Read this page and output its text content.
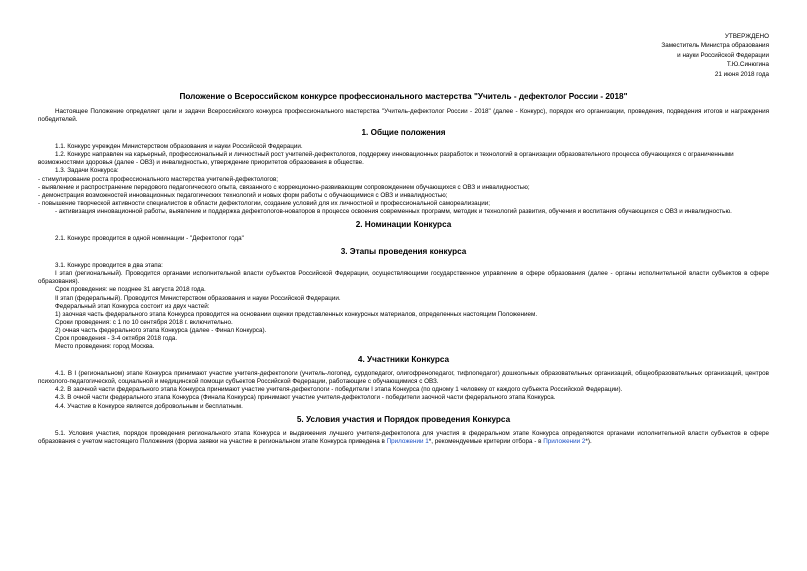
УТВЕРЖДЕНО
Заместитель Министра образования
и науки Российской Федерации
Т.Ю.Синюгина
21 июня 2018 года
Положение о Всероссийском конкурсе профессионального мастерства "Учитель - дефектолог России - 2018"

Настоящее Положение определяет цели и задачи Всероссийского конкурса профессионального мастерства "Учитель-дефектолог России - 2018" (далее - Конкурс), порядок его организации, проведения, подведения итогов и награждения победителей.

1. Общие положения

1.1. Конкурс учрежден Министерством образования и науки Российской Федерации.

1.2. Конкурс направлен на карьерный, профессиональный и личностный рост учителей-дефектологов, поддержку инновационных разработок и технологий в организации образовательного процесса обучающихся с ограниченными возможностями здоровья (далее - ОВЗ) и инвалидностью, утверждение приоритетов образования в обществе.

1.3. Задачи Конкурса:

- стимулирование роста профессионального мастерства учителей-дефектологов;

- выявление и распространение передового педагогического опыта, связанного с коррекционно-развивающим сопровождением обучающихся с ОВЗ и инвалидностью;

- демонстрация возможностей инновационных педагогических технологий и новых форм работы с обучающимися с ОВЗ и инвалидностью;

- повышение творческой активности специалистов в области дефектологии, создание условий для их личностной и профессиональной самореализации;

- активизация инновационной работы, выявление и поддержка дефектологов-новаторов в процессе освоения современных программ, методик и технологий развития, обучения и воспитания обучающихся с ОВЗ и инвалидностью.

2. Номинации Конкурса

2.1. Конкурс проводится в одной номинации - "Дефектолог года"

3. Этапы проведения конкурса

3.1. Конкурс проводится в два этапа:

I этап (региональный). Проводится органами исполнительной власти субъектов Российской Федерации, осуществляющими государственное управление в сфере образования (далее - органы исполнительной власти субъектов в сфере образования).

Срок проведения: не позднее 31 августа 2018 года.

II этап (федеральный). Проводится Министерством образования и науки Российской Федерации.

Федеральный этап Конкурса состоит из двух частей:

1) заочная часть федерального этапа Конкурса проводится на основании оценки представленных конкурсных материалов, определенных настоящим Положением.

Сроки проведения: с 1 по 10 сентября 2018 г. включительно.

2) очная часть федерального этапа Конкурса (далее - Финал Конкурса).

Срок проведения - 3-4 октября 2018 года.

Место проведения: город Москва.

4. Участники Конкурса

4.1. В I (региональном) этапе Конкурса принимают участие учителя-дефектологи (учитель-логопед, сурдопедагог, олигофренопедагог, тифлопедагог) дошкольных образовательных организаций, общеобразовательных организаций, центров психолого-педагогической, социальной и медицинской помощи субъектов Российской Федерации, работающие с обучающимися с ОВЗ.

4.2. В заочной части федерального этапа Конкурса принимают участие учителя-дефектологи - победители I этапа Конкурса (по одному 1 человеку от каждого субъекта Российской Федерации).

4.3. В очной части федерального этапа Конкурса (Финала Конкурса) принимают участие учителя-дефектологи - победители заочной части федерального этапа Конкурса.

4.4. Участие в Конкурсе является добровольным и бесплатным.

5. Условия участия и Порядок проведения Конкурса

5.1. Условия участия, порядок проведения регионального этапа Конкурса и выдвижения лучшего учителя-дефектолога для участия в федеральном этапе Конкурса определяются органами исполнительной власти субъектов в сфере образования с учетом настоящего Положения (форма заявки на участие в региональном этапе Конкурса приведена в Приложении 1*, рекомендуемые критерии отбора - в Приложении 2*).
